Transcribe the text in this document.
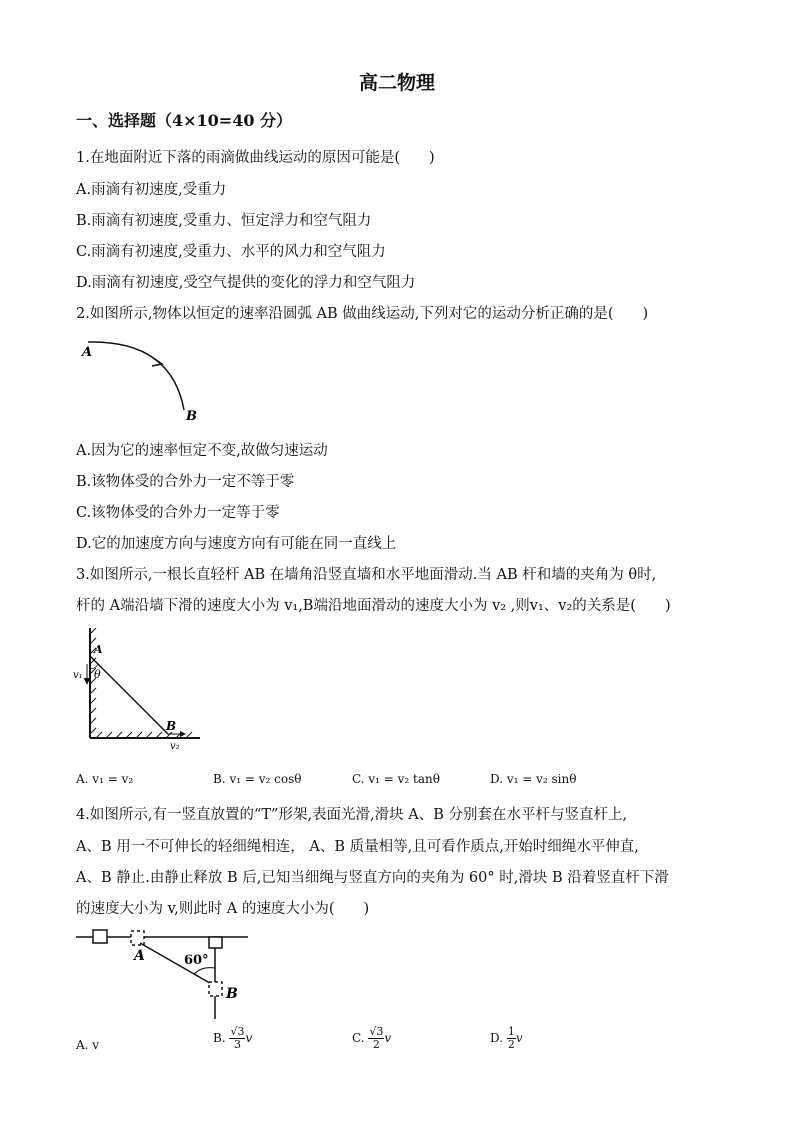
高二物理
一、选择题（4×10=40 分）
1.在地面附近下落的雨滴做曲线运动的原因可能是(　　)
A.雨滴有初速度,受重力
B.雨滴有初速度,受重力、恒定浮力和空气阻力
C.雨滴有初速度,受重力、水平的风力和空气阻力
D.雨滴有初速度,受空气提供的变化的浮力和空气阻力
2.如图所示,物体以恒定的速率沿圆弧 AB 做曲线运动,下列对它的运动分析正确的是(　　)
A
B
A.因为它的速率恒定不变,故做匀速运动
B.该物体受的合外力一定不等于零
C.该物体受的合外力一定等于零
D.它的加速度方向与速度方向有可能在同一直线上
3.如图所示,一根长直轻杆 AB 在墙角沿竖直墙和水平地面滑动.当 AB 杆和墙的夹角为 θ时,
杆的 A端沿墙下滑的速度大小为 v₁,B端沿地面滑动的速度大小为 v₂ ,则v₁、v₂的关系是(　　)
A
θ
v₁
B
v₂
A. v₁ = v₂	B. v₁ = v₂ cosθ	C. v₁ = v₂ tanθ	D. v₁ = v₂ sinθ
4.如图所示,有一竖直放置的“T”形架,表面光滑,滑块 A、B 分别套在水平杆与竖直杆上,
A、B 用一不可伸长的轻细绳相连， A、B 质量相等,且可看作质点,开始时细绳水平伸直,
A、B 静止.由静止释放 B 后,已知当细绳与竖直方向的夹角为 60° 时,滑块 B 沿着竖直杆下滑
的速度大小为 v,则此时 A 的速度大小为(　　)
A	60°
B
A. v	B. $\frac{√3}{3}$ v	C. $\frac{√3}{2}$ v	D. $\frac{1}{2}$ v
